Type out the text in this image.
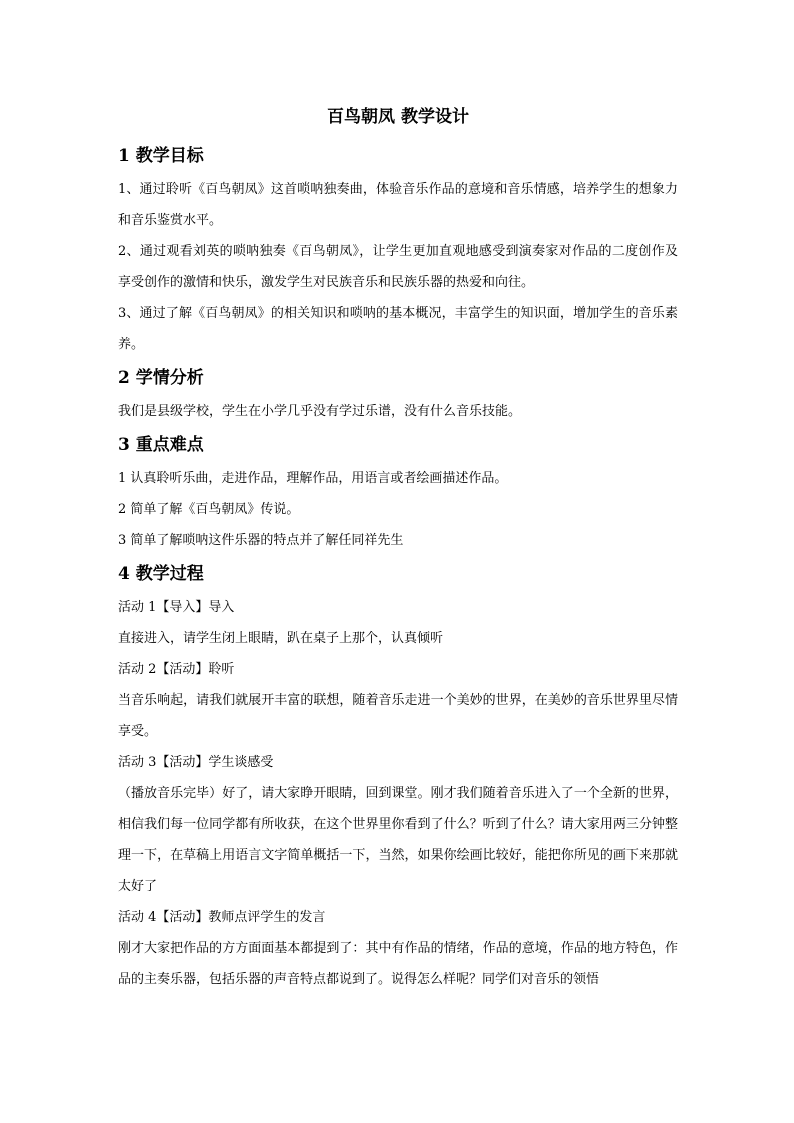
百鸟朝凤 教学设计
1 教学目标

1、通过聆听《百鸟朝凤》这首唢呐独奏曲，体验音乐作品的意境和音乐情感，培养学生的想象力和音乐鉴赏水平。

2、通过观看刘英的唢呐独奏《百鸟朝凤》，让学生更加直观地感受到演奏家对作品的二度创作及享受创作的激情和快乐，激发学生对民族音乐和民族乐器的热爱和向往。

3、通过了解《百鸟朝凤》的相关知识和唢呐的基本概况，丰富学生的知识面，增加学生的音乐素养。

2 学情分析

我们是县级学校，学生在小学几乎没有学过乐谱，没有什么音乐技能。

3 重点难点

1 认真聆听乐曲，走进作品，理解作品，用语言或者绘画描述作品。

2 简单了解《百鸟朝凤》传说。

3 简单了解唢呐这件乐器的特点并了解任同祥先生

4 教学过程

活动 1【导入】导入

直接进入，请学生闭上眼睛，趴在桌子上那个，认真倾听

活动 2【活动】聆听

当音乐响起，请我们就展开丰富的联想，随着音乐走进一个美妙的世界，在美妙的音乐世界里尽情享受。

活动 3【活动】学生谈感受

（播放音乐完毕）好了，请大家睁开眼睛，回到课堂。刚才我们随着音乐进入了一个全新的世界，相信我们每一位同学都有所收获，在这个世界里你看到了什么？听到了什么？请大家用两三分钟整理一下，在草稿上用语言文字简单概括一下，当然，如果你绘画比较好，能把你所见的画下来那就太好了

活动 4【活动】教师点评学生的发言

刚才大家把作品的方方面面基本都提到了：其中有作品的情绪，作品的意境，作品的地方特色，作品的主奏乐器，包括乐器的声音特点都说到了。说得怎么样呢？同学们对音乐的领悟
